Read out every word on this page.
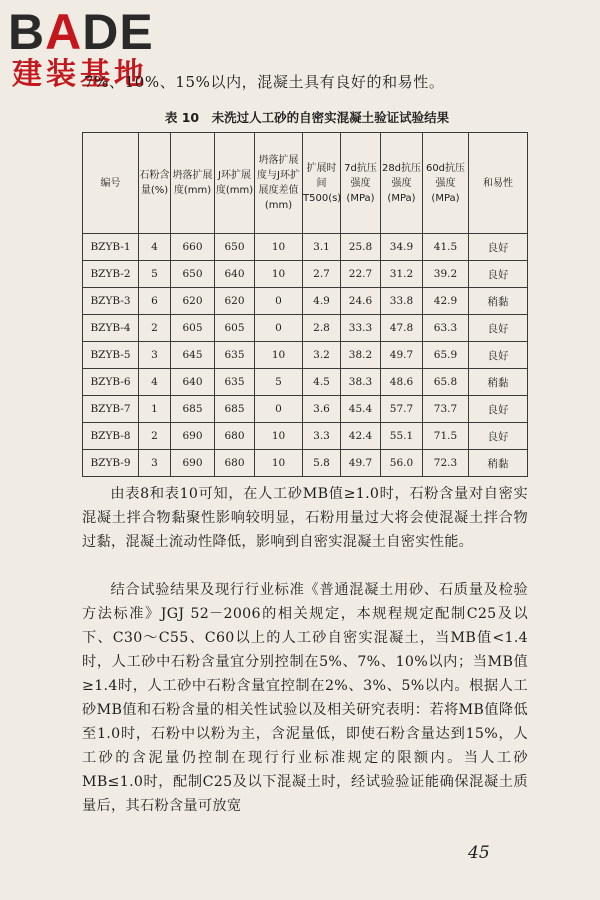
BADE
建装基地
7%、10%、15%以内，混凝土具有良好的和易性。
表 10　未洗过人工砂的自密实混凝土验证试验结果
编号	石粉含量(%)	坍落扩展度(mm)	J环扩展度(mm)	坍落扩展度与J环扩展度差值(mm)	扩展时间T500(s)	7d抗压强度(MPa)	28d抗压强度(MPa)	60d抗压强度(MPa)	和易性
BZYB-1	4	660	650	10	3.1	25.8	34.9	41.5	良好
BZYB-2	5	650	640	10	2.7	22.7	31.2	39.2	良好
BZYB-3	6	620	620	0	4.9	24.6	33.8	42.9	稍黏
BZYB-4	2	605	605	0	2.8	33.3	47.8	63.3	良好
BZYB-5	3	645	635	10	3.2	38.2	49.7	65.9	良好
BZYB-6	4	640	635	5	4.5	38.3	48.6	65.8	稍黏
BZYB-7	1	685	685	0	3.6	45.4	57.7	73.7	良好
BZYB-8	2	690	680	10	3.3	42.4	55.1	71.5	良好
BZYB-9	3	690	680	10	5.8	49.7	56.0	72.3	稍黏

由表8和表10可知，在人工砂MB值≥1.0时，石粉含量对自密实混凝土拌合物黏聚性影响较明显，石粉用量过大将会使混凝土拌合物过黏，混凝土流动性降低，影响到自密实混凝土自密实性能。

结合试验结果及现行行业标准《普通混凝土用砂、石质量及检验方法标准》JGJ 52－2006的相关规定，本规程规定配制C25及以下、C30～C55、C60以上的人工砂自密实混凝土，当MB值<1.4时，人工砂中石粉含量宜分别控制在5%、7%、10%以内；当MB值≥1.4时，人工砂中石粉含量宜控制在2%、3%、5%以内。根据人工砂MB值和石粉含量的相关性试验以及相关研究表明：若将MB值降低至1.0时，石粉中以粉为主，含泥量低，即使石粉含量达到15%，人工砂的含泥量仍控制在现行行业标准规定的限额内。当人工砂MB≤1.0时，配制C25及以下混凝土时，经试验验证能确保混凝土质量后，其石粉含量可放宽

45
